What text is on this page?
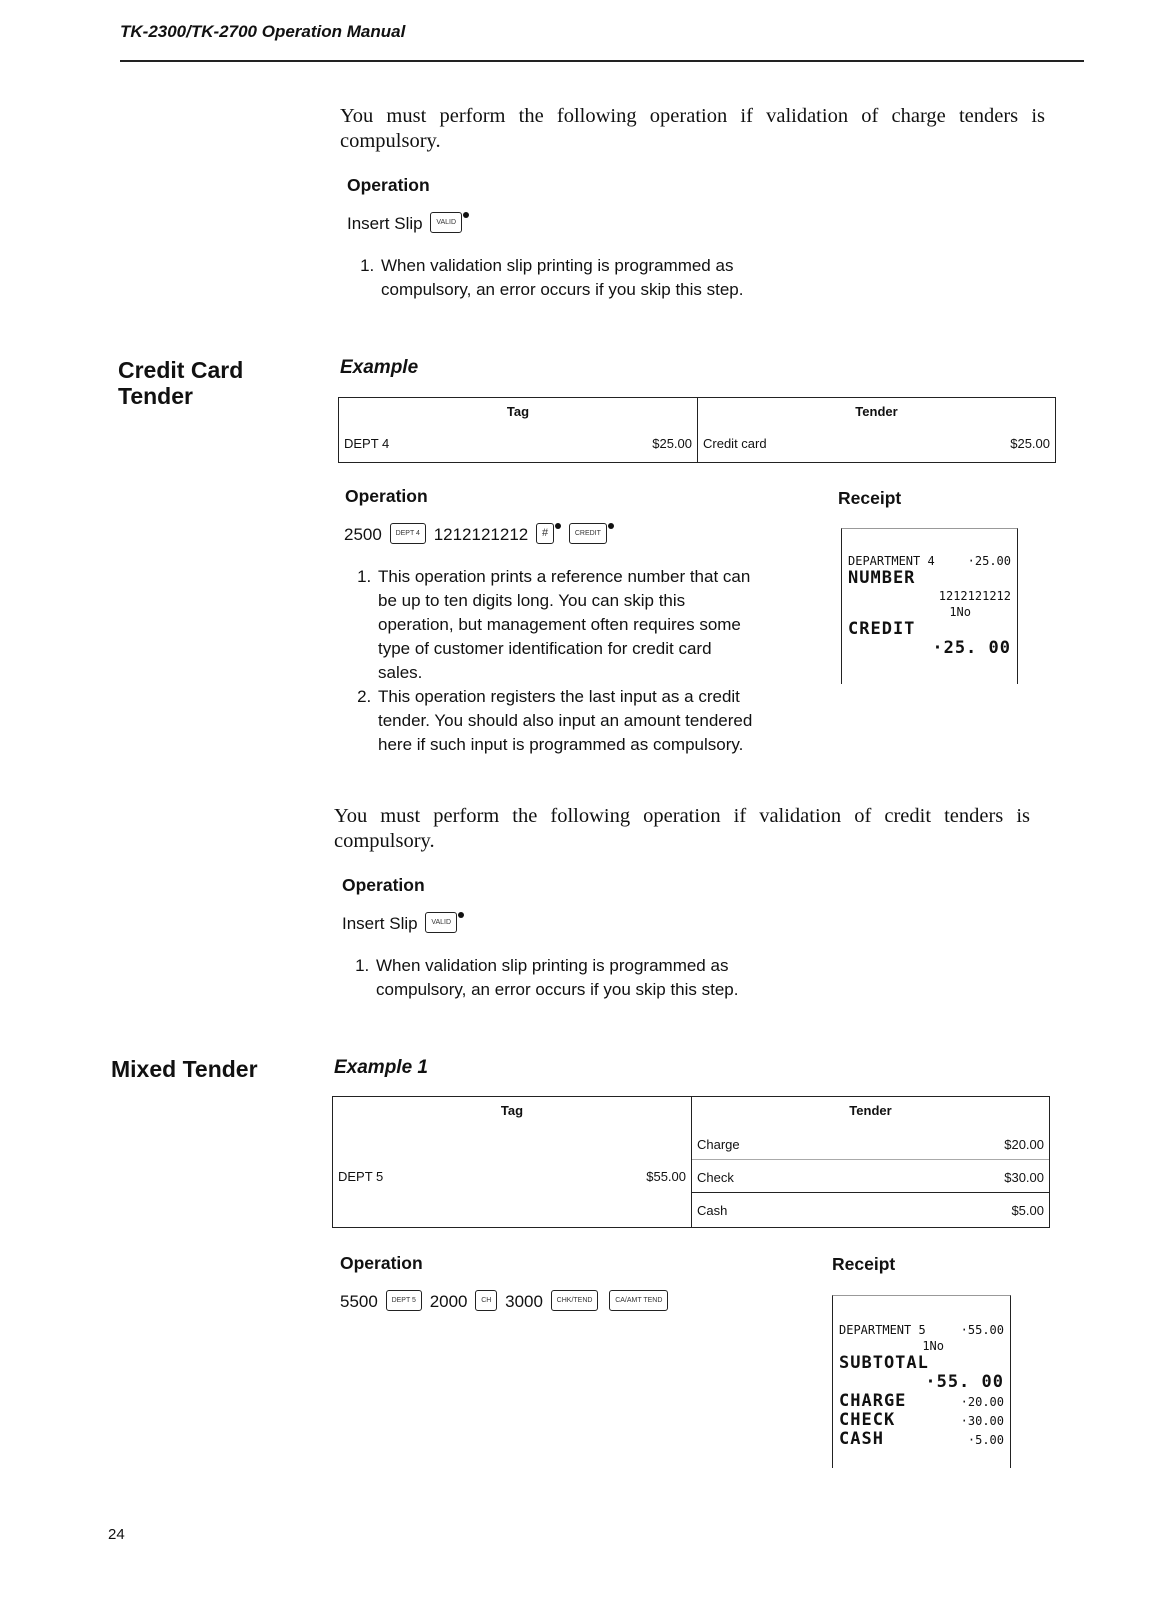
TK-2300/TK-2700 Operation Manual
You must perform the following operation if validation of charge tenders is compulsory.
Operation
Insert Slip VALID
1. When validation slip printing is programmed as compulsory, an error occurs if you skip this step.
Credit Card
Tender
Example
Tag
DEPT 4	$25.00

Tender
Credit card	$25.00
Operation
2500 DEPT 4 1212121212 #	CREDIT
1. This operation prints a reference number that can be up to ten digits long. You can skip this operation, but management often requires some type of customer identification for credit card sales.
2. This operation registers the last input as a credit tender. You should also input an amount tendered here if such input is programmed as compulsory.
Receipt
DEPARTMENT 4	·25.00
NUMBER
1212121212
1No
CREDIT
·25. 00
You must perform the following operation if validation of credit tenders is compulsory.
Operation
Insert Slip VALID
1. When validation slip printing is programmed as compulsory, an error occurs if you skip this step.
Mixed Tender	Example 1
Tag
DEPT 5	$55.00

Tender
Charge	$20.00
Check	$30.00
Cash	$5.00
Operation
5500 DEPT 5 2000 CH 3000 CHK/TEND	CA/AMT TEND
Receipt
DEPARTMENT 5	·55.00
1No
SUBTOTAL
·55. 00
CHARGE	·20.00
CHECK	·30.00
CASH	·5.00
24
